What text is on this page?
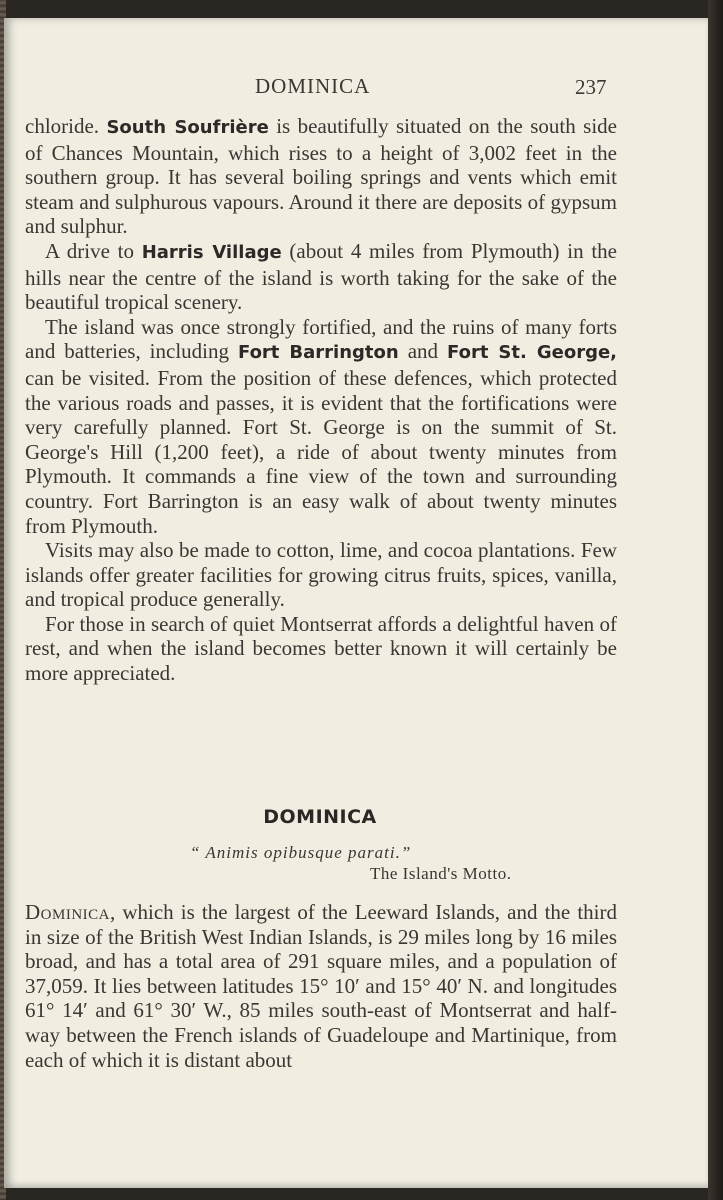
DOMINICA	237

chloride. South Soufrière is beautifully situated on the south side of Chances Mountain, which rises to a height of 3,002 feet in the southern group. It has several boiling springs and vents which emit steam and sulphurous vapours. Around it there are deposits of gypsum and sulphur.

A drive to Harris Village (about 4 miles from Plymouth) in the hills near the centre of the island is worth taking for the sake of the beautiful tropical scenery.

The island was once strongly fortified, and the ruins of many forts and batteries, including Fort Barrington and Fort St. George, can be visited. From the position of these defences, which protected the various roads and passes, it is evident that the fortifications were very carefully planned. Fort St. George is on the summit of St. George's Hill (1,200 feet), a ride of about twenty minutes from Plymouth. It commands a fine view of the town and surrounding country. Fort Barrington is an easy walk of about twenty minutes from Plymouth.

Visits may also be made to cotton, lime, and cocoa plantations. Few islands offer greater facilities for growing citrus fruits, spices, vanilla, and tropical produce generally.

For those in search of quiet Montserrat affords a delightful haven of rest, and when the island becomes better known it will certainly be more appreciated.

DOMINICA
“ Animis opibusque parati.”
The Island's Motto.

Dominica, which is the largest of the Leeward Islands, and the third in size of the British West Indian Islands, is 29 miles long by 16 miles broad, and has a total area of 291 square miles, and a population of 37,059. It lies between latitudes 15° 10′ and 15° 40′ N. and longitudes 61° 14′ and 61° 30′ W., 85 miles south-east of Montserrat and half-way between the French islands of Guadeloupe and Martinique, from each of which it is distant about
